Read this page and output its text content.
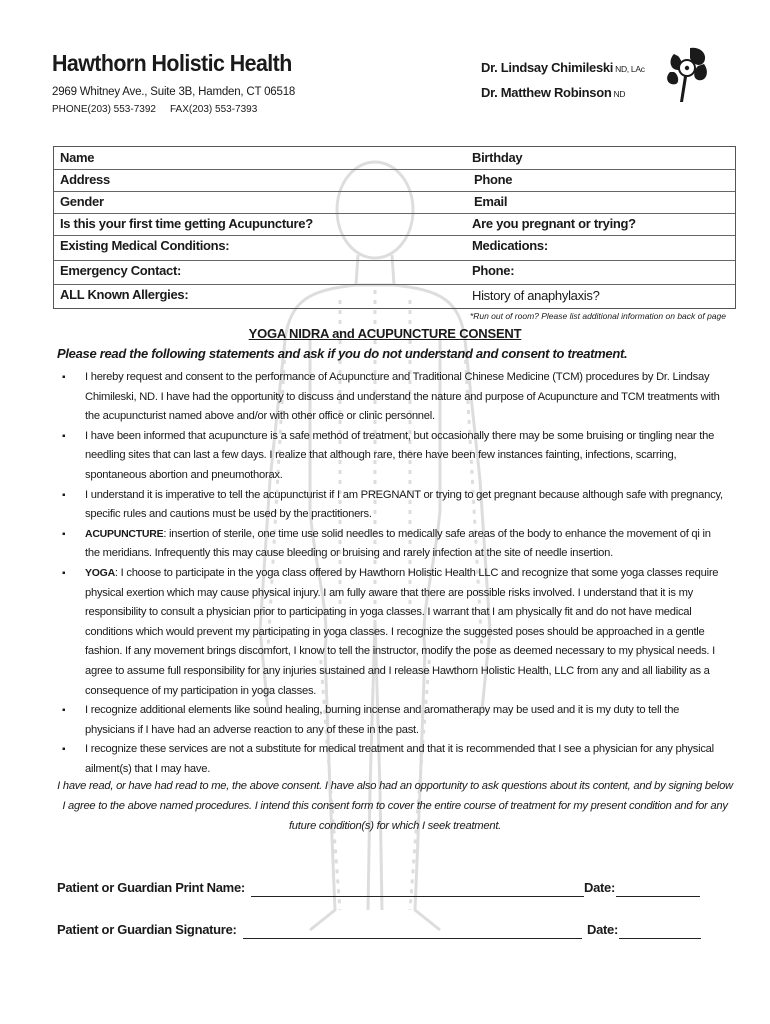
Hawthorn Holistic Health
2969 Whitney Ave., Suite 3B, Hamden, CT 06518
PHONE(203) 553-7392 FAX(203) 553-7393
Dr. Lindsay Chimileski ND, LAc
Dr. Matthew Robinson ND
Name
Address
Gender
Is this your first time getting Acupuncture?
Existing Medical Conditions:
Emergency Contact:
ALL Known Allergies:
Birthday
Phone
Email
Are you pregnant or trying?
Medications:
Phone:
History of anaphylaxis?
*Run out of room? Please list additional information on back of page
YOGA NIDRA and ACUPUNCTURE CONSENT
Please read the following statements and ask if you do not understand and consent to treatment.
▪ I hereby request and consent to the performance of Acupuncture and Traditional Chinese Medicine (TCM) procedures by Dr. Lindsay Chimileski, ND. I have had the opportunity to discuss and understand the nature and purpose of Acupuncture and TCM treatments with the acupuncturist named above and/or with other office or clinic personnel.
▪ I have been informed that acupuncture is a safe method of treatment, but occasionally there may be some bruising or tingling near the needling sites that can last a few days. I realize that although rare, there have been few instances fainting, infections, scarring, spontaneous abortion and pneumothorax.
▪ I understand it is imperative to tell the acupuncturist if I am PREGNANT or trying to get pregnant because although safe with pregnancy, specific rules and cautions must be used by the practitioners.
▪ ACUPUNCTURE: insertion of sterile, one time use solid needles to medically safe areas of the body to enhance the movement of qi in the meridians. Infrequently this may cause bleeding or bruising and rarely infection at the site of needle insertion.
▪ YOGA: I choose to participate in the yoga class offered by Hawthorn Holistic Health LLC and recognize that some yoga classes require physical exertion which may cause physical injury. I am fully aware that there are possible risks involved. I understand that it is my responsibility to consult a physician prior to participating in yoga classes. I warrant that I am physically fit and do not have medical conditions which would prevent my participating in yoga classes. I recognize the suggested poses should be approached in a gentle fashion. If any movement brings discomfort, I know to tell the instructor, modify the pose as deemed necessary to my physical needs. I agree to assume full responsibility for any injuries sustained and I release Hawthorn Holistic Health, LLC from any and all liability as a consequence of my participation in yoga classes.
▪ I recognize additional elements like sound healing, burning incense and aromatherapy may be used and it is my duty to tell the physicians if I have had an adverse reaction to any of these in the past.
▪ I recognize these services are not a substitute for medical treatment and that it is recommended that I see a physician for any physical ailment(s) that I may have.
I have read, or have had read to me, the above consent. I have also had an opportunity to ask questions about its content, and by signing below I agree to the above named procedures. I intend this consent form to cover the entire course of treatment for my present condition and for any future condition(s) for which I seek treatment.
Patient or Guardian Print Name:	Date:
Patient or Guardian Signature:	Date:
